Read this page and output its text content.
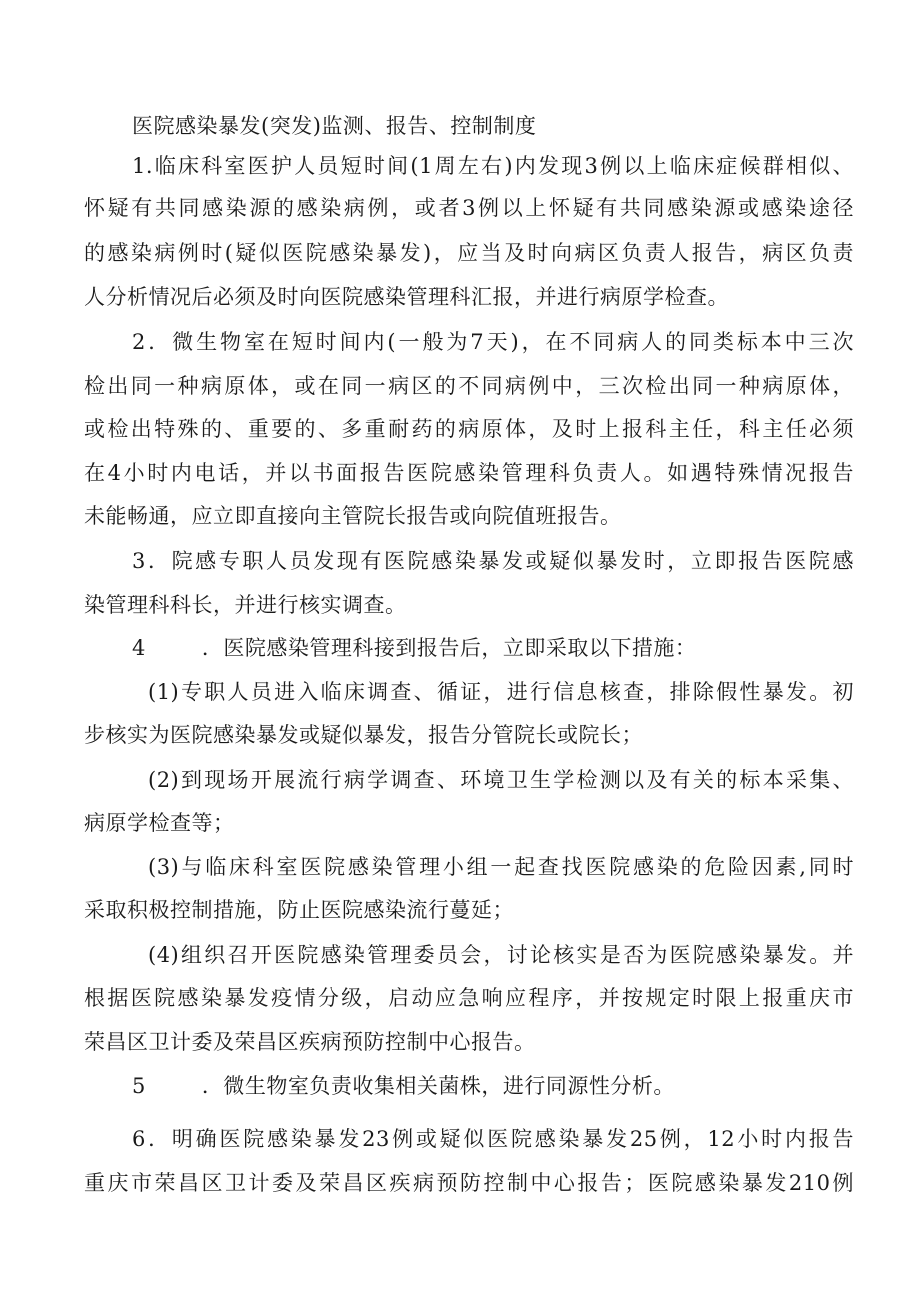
医院感染暴发(突发)监测、报告、控制制度
1.临床科室医护人员短时间(1周左右)内发现3例以上临床症候群相似、
怀疑有共同感染源的感染病例，或者3例以上怀疑有共同感染源或感染途径
的感染病例时(疑似医院感染暴发)，应当及时向病区负责人报告，病区负责
人分析情况后必须及时向医院感染管理科汇报，并进行病原学检查。
2．微生物室在短时间内(一般为7天)，在不同病人的同类标本中三次
检出同一种病原体，或在同一病区的不同病例中，三次检出同一种病原体，
或检出特殊的、重要的、多重耐药的病原体，及时上报科主任，科主任必须
在4小时内电话，并以书面报告医院感染管理科负责人。如遇特殊情况报告
未能畅通，应立即直接向主管院长报告或向院值班报告。
3．院感专职人员发现有医院感染暴发或疑似暴发时，立即报告医院感
染管理科科长，并进行核实调查。
4	．医院感染管理科接到报告后，立即采取以下措施：
(1)专职人员进入临床调查、循证，进行信息核查，排除假性暴发。初
步核实为医院感染暴发或疑似暴发，报告分管院长或院长；
(2)到现场开展流行病学调查、环境卫生学检测以及有关的标本采集、
病原学检查等；
(3)与临床科室医院感染管理小组一起查找医院感染的危险因素,同时
采取积极控制措施，防止医院感染流行蔓延；
(4)组织召开医院感染管理委员会，讨论核实是否为医院感染暴发。并
根据医院感染暴发疫情分级，启动应急响应程序，并按规定时限上报重庆市
荣昌区卫计委及荣昌区疾病预防控制中心报告。
5	．微生物室负责收集相关菌株，进行同源性分析。
6．明确医院感染暴发23例或疑似医院感染暴发25例，12小时内报告
重庆市荣昌区卫计委及荣昌区疾病预防控制中心报告；医院感染暴发210例
